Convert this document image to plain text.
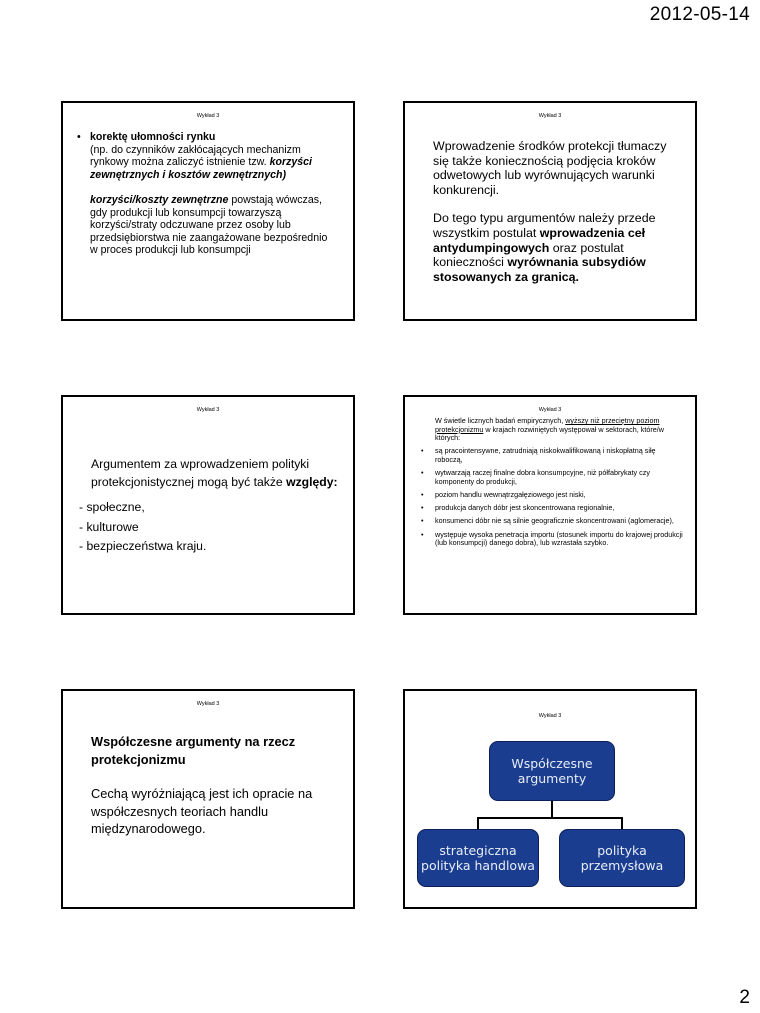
2012-05-14
Wykład 3
• korektę ułomności rynku
(np. do czynników zakłócających mechanizm rynkowy można zaliczyć istnienie tzw. korzyści zewnętrznych i kosztów zewnętrznych)
korzyści/koszty zewnętrzne powstają wówczas, gdy produkcji lub konsumpcji towarzyszą korzyści/straty odczuwane przez osoby lub przedsiębiorstwa nie zaangażowane bezpośrednio w proces produkcji lub konsumpcji
Wykład 3

Wprowadzenie środków protekcji tłumaczy się także koniecznością podjęcia kroków odwetowych lub wyrównujących warunki konkurencji.

Do tego typu argumentów należy przede wszystkim postulat wprowadzenia ceł antydumpingowych oraz postulat konieczności wyrównania subsydiów stosowanych za granicą.

Wykład 3
Argumentem za wprowadzeniem polityki protekcjonistycznej mogą być także względy:
- społeczne,
- kulturowe
- bezpieczeństwa kraju.
Wykład 3
W świetle licznych badań empirycznych, wyższy niż przeciętny poziom protekcjonizmu w krajach rozwiniętych występował w sektorach, które/w których:
•	są pracointensywne, zatrudniają niskokwalifikowaną i niskopłatną siłę roboczą,
•	wytwarzają raczej finalne dobra konsumpcyjne, niż półfabrykaty czy komponenty do produkcji,
•	poziom handlu wewnątrzgałęziowego jest niski,
•	produkcja danych dóbr jest skoncentrowana regionalnie,
•	konsumenci dóbr nie są silnie geograficznie skoncentrowani (aglomeracje),
•	występuje wysoka penetracja importu (stosunek importu do krajowej produkcji (lub konsumpcji) danego dobra), lub wzrastała szybko.
Wykład 3

Współczesne argumenty na rzecz protekcjonizmu

Cechą wyróżniającą jest ich opracie na współczesnych teoriach handlu międzynarodowego.

Wykład 3
Współczesne argumenty
strategiczna polityka handlowa
polityka przemysłowa
2
